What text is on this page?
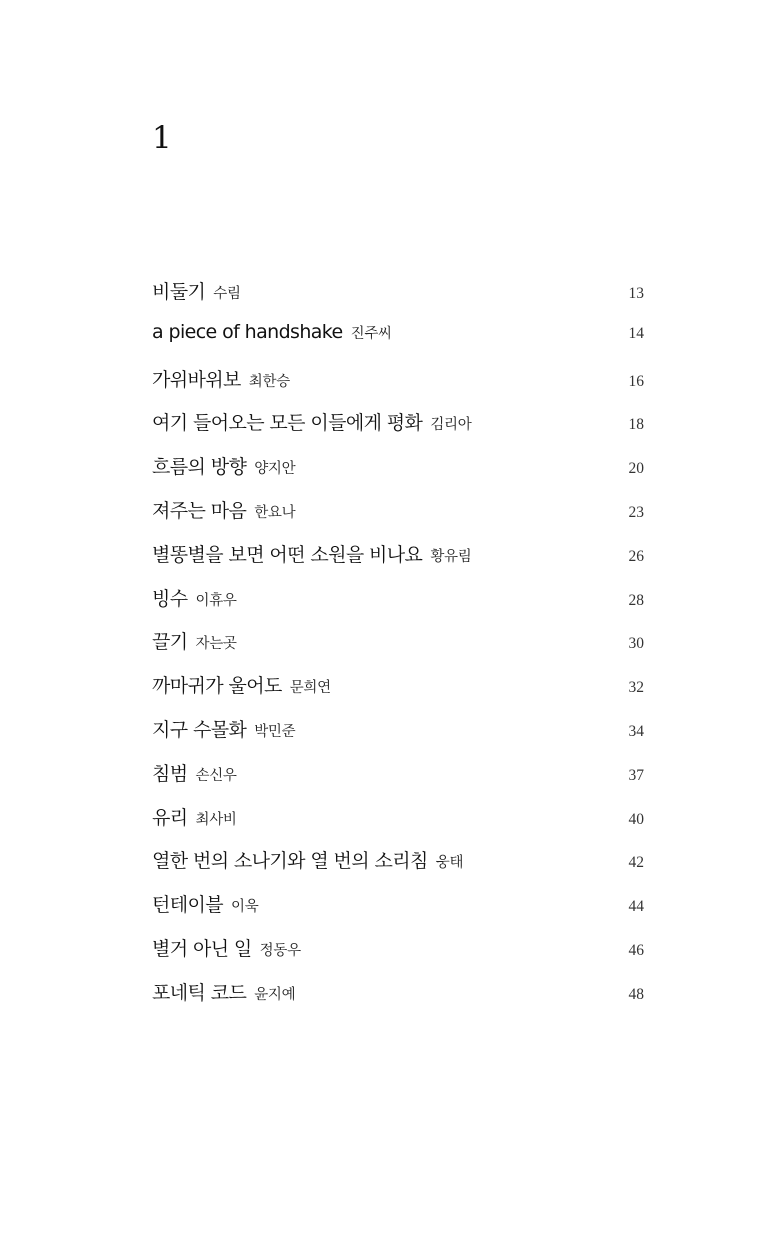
1
비둘기 수림	13
a piece of handshake 진주씨	14
가위바위보 최한승	16
여기 들어오는 모든 이들에게 평화 김리아	18
흐름의 방향 양지안	20
져주는 마음 한요나	23
별똥별을 보면 어떤 소원을 비나요 황유림	26
빙수 이휴우	28
끌기 자는곳	30
까마귀가 울어도 문희연	32
지구 수몰화 박민준	34
침범 손신우	37
유리 최사비	40
열한 번의 소나기와 열 번의 소리침 웅태	42
턴테이블 이욱	44
별거 아닌 일 정동우	46
포네틱 코드 윤지예	48
